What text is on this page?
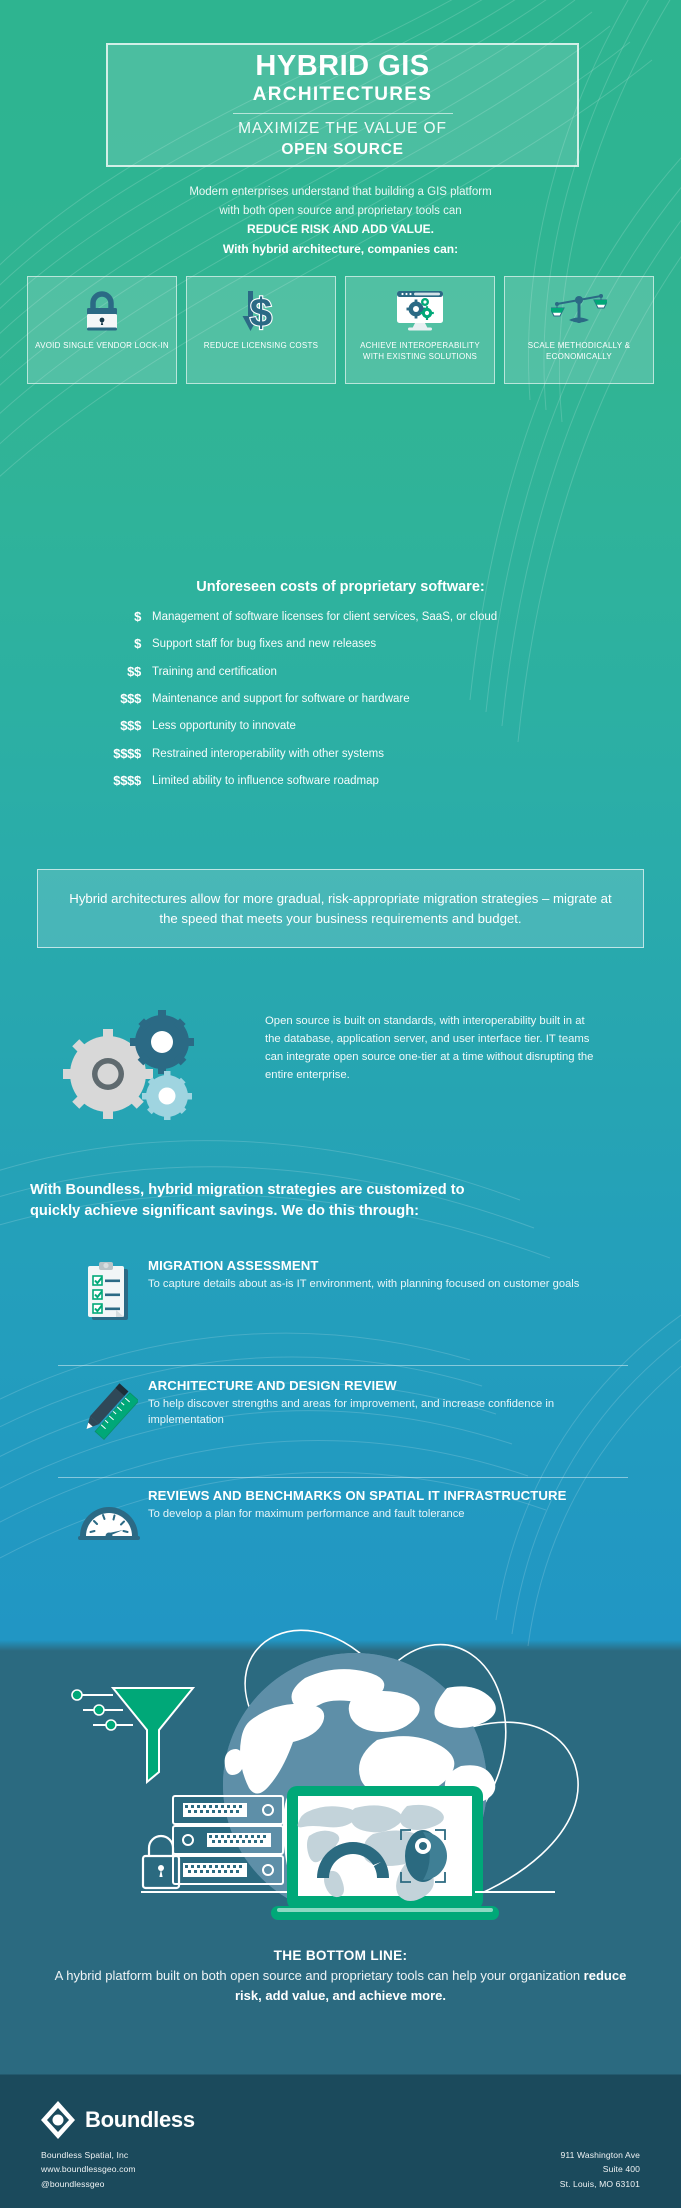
HYBRID GIS
ARCHITECTURES
MAXIMIZE THE VALUE OF
OPEN SOURCE
Modern enterprises understand that building a GIS platform
with both open source and proprietary tools can
REDUCE RISK AND ADD VALUE.
With hybrid architecture, companies can:
AVOID SINGLE VENDOR LOCK-IN
$
REDUCE LICENSING COSTS	ACHIEVE INTEROPERABILITY WITH EXISTING SOLUTIONS
SCALE METHODICALLY & ECONOMICALLY
Unforeseen costs of proprietary software:
$ Management of software licenses for client services, SaaS, or cloud
$ Support staff for bug fixes and new releases
$$ Training and certification
$$$ Maintenance and support for software or hardware
$$$ Less opportunity to innovate
$$$$ Restrained interoperability with other systems
$$$$ Limited ability to influence software roadmap
Hybrid architectures allow for more gradual, risk-appropriate migration strategies – migrate at the speed that meets your business requirements and budget.
Open source is built on standards, with interoperability built in at the database, application server, and user interface tier. IT teams can integrate open source one-tier at a time without disrupting the entire enterprise.
With Boundless, hybrid migration strategies are customized to
quickly achieve significant savings. We do this through:
MIGRATION ASSESSMENT

To capture details about as-is IT environment, with planning focused on customer goals

ARCHITECTURE AND DESIGN REVIEW

To help discover strengths and areas for improvement, and increase confidence in implementation

REVIEWS AND BENCHMARKS ON SPATIAL IT INFRASTRUCTURE

To develop a plan for maximum performance and fault tolerance

THE BOTTOM LINE:
A hybrid platform built on both open source and proprietary tools can help your organization reduce risk, add value, and achieve more.
Boundless
Boundless Spatial, Inc
www.boundlessgeo.com
@boundlessgeo
911 Washington Ave
Suite 400
St. Louis, MO 63101
